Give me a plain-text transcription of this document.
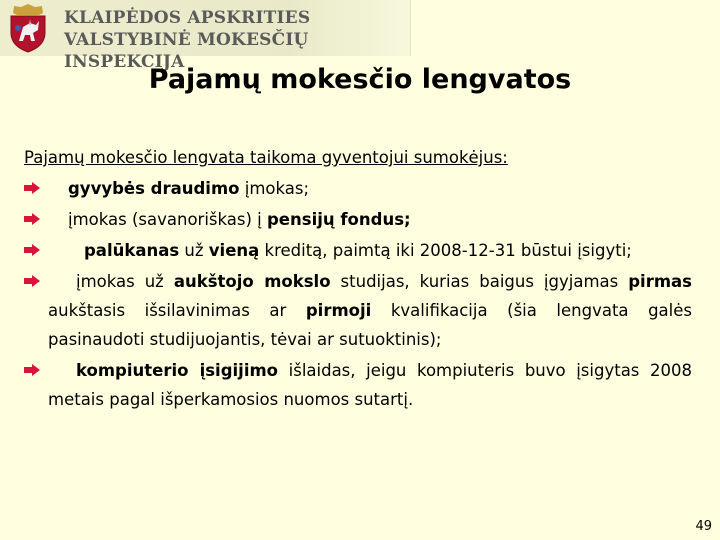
KLAIPĖDOS APSKRITIES
VALSTYBINĖ MOKESČIŲ INSPEKCIJA
Pajamų mokesčio lengvatos
Pajamų mokesčio lengvata taikoma gyventojui sumokėjus:
gyvybės draudimo įmokas;
įmokas (savanoriškas) į pensijų fondus;
palūkanas už vieną kreditą, paimtą iki 2008-12-31 būstui įsigyti;
įmokas už aukštojo mokslo studijas, kurias baigus įgyjamas pirmas aukštasis išsilavinimas ar pirmoji kvalifikacija (šia lengvata galės pasinaudoti studijuojantis, tėvai ar sutuoktinis);
kompiuterio įsigijimo išlaidas, jeigu kompiuteris buvo įsigytas 2008 metais pagal išperkamosios nuomos sutartį.
49
